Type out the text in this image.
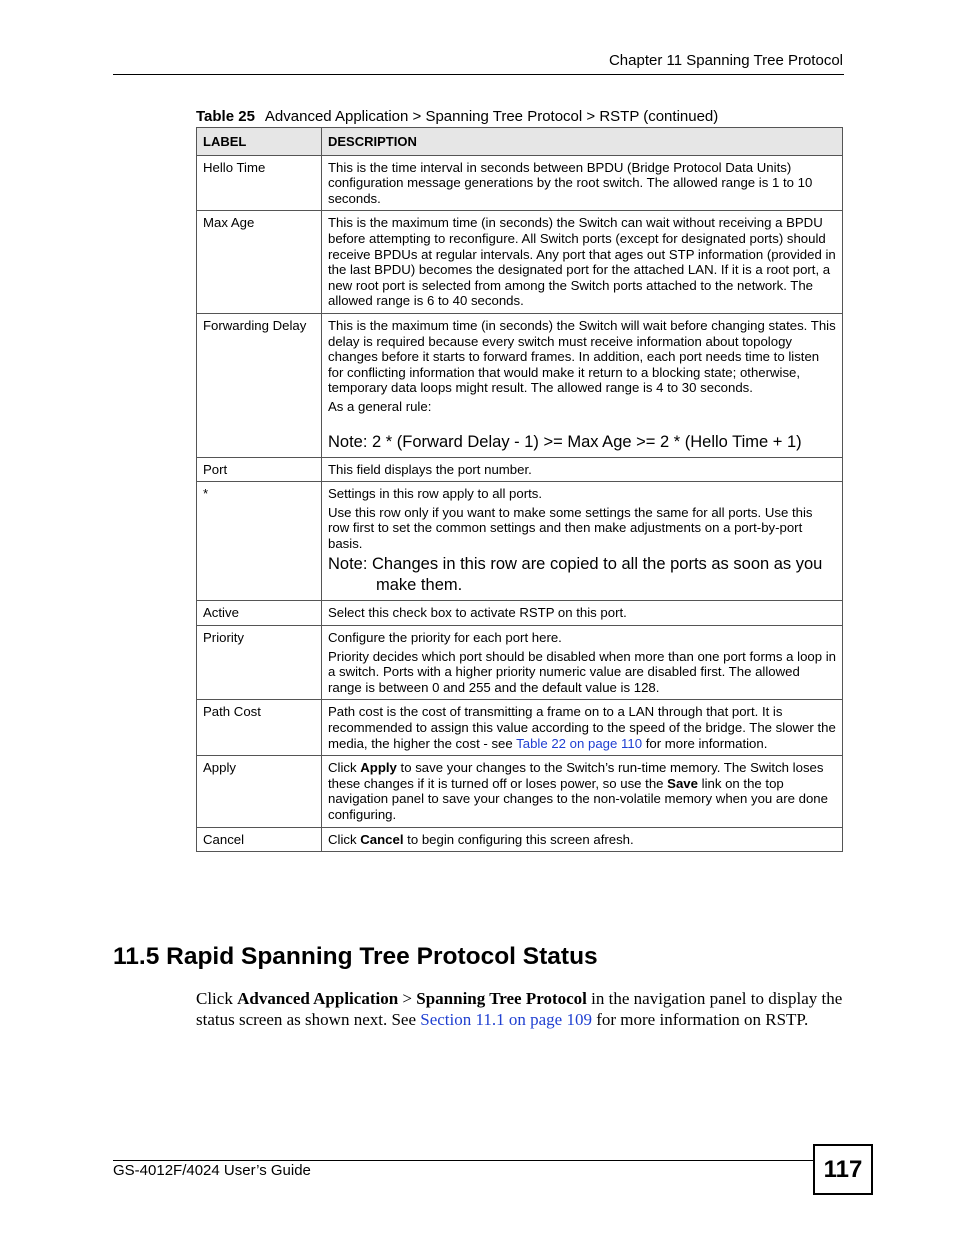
Chapter 11 Spanning Tree Protocol
Table 25 Advanced Application > Spanning Tree Protocol > RSTP (continued)
LABEL	DESCRIPTION
Hello Time	This is the time interval in seconds between BPDU (Bridge Protocol Data Units) configuration message generations by the root switch. The allowed range is 1 to 10 seconds.

Max Age	This is the maximum time (in seconds) the Switch can wait without receiving a BPDU before attempting to reconfigure. All Switch ports (except for designated ports) should receive BPDUs at regular intervals. Any port that ages out STP information (provided in the last BPDU) becomes the designated port for the attached LAN. If it is a root port, a new root port is selected from among the Switch ports attached to the network. The allowed range is 6 to 40 seconds.

Forwarding Delay	This is the maximum time (in seconds) the Switch will wait before changing states. This delay is required because every switch must receive information about topology changes before it starts to forward frames. In addition, each port needs time to listen for conflicting information that would make it return to a blocking state; otherwise, temporary data loops might result. The allowed range is 4 to 30 seconds.

As a general rule:

Note: 2 * (Forward Delay - 1) >= Max Age >= 2 * (Hello Time + 1)

Port	This field displays the port number.

*	Settings in this row apply to all ports.

Use this row only if you want to make some settings the same for all ports. Use this row first to set the common settings and then make adjustments on a port-by-port basis.

Note: Changes in this row are copied to all the ports as soon as you make them.

Active	Select this check box to activate RSTP on this port.

Priority	Configure the priority for each port here.

Priority decides which port should be disabled when more than one port forms a loop in a switch. Ports with a higher priority numeric value are disabled first. The allowed range is between 0 and 255 and the default value is 128.

Path Cost	Path cost is the cost of transmitting a frame on to a LAN through that port. It is recommended to assign this value according to the speed of the bridge. The slower the media, the higher the cost - see Table 22 on page 110 for more information.

Apply	Click Apply to save your changes to the Switch’s run-time memory. The Switch loses these changes if it is turned off or loses power, so use the Save link on the top navigation panel to save your changes to the non-volatile memory when you are done configuring.

Cancel	Click Cancel to begin configuring this screen afresh.

11.5 Rapid Spanning Tree Protocol Status

Click Advanced Application > Spanning Tree Protocol in the navigation panel to display the status screen as shown next. See Section 11.1 on page 109 for more information on RSTP.

GS-4012F/4024 User’s Guide	117
